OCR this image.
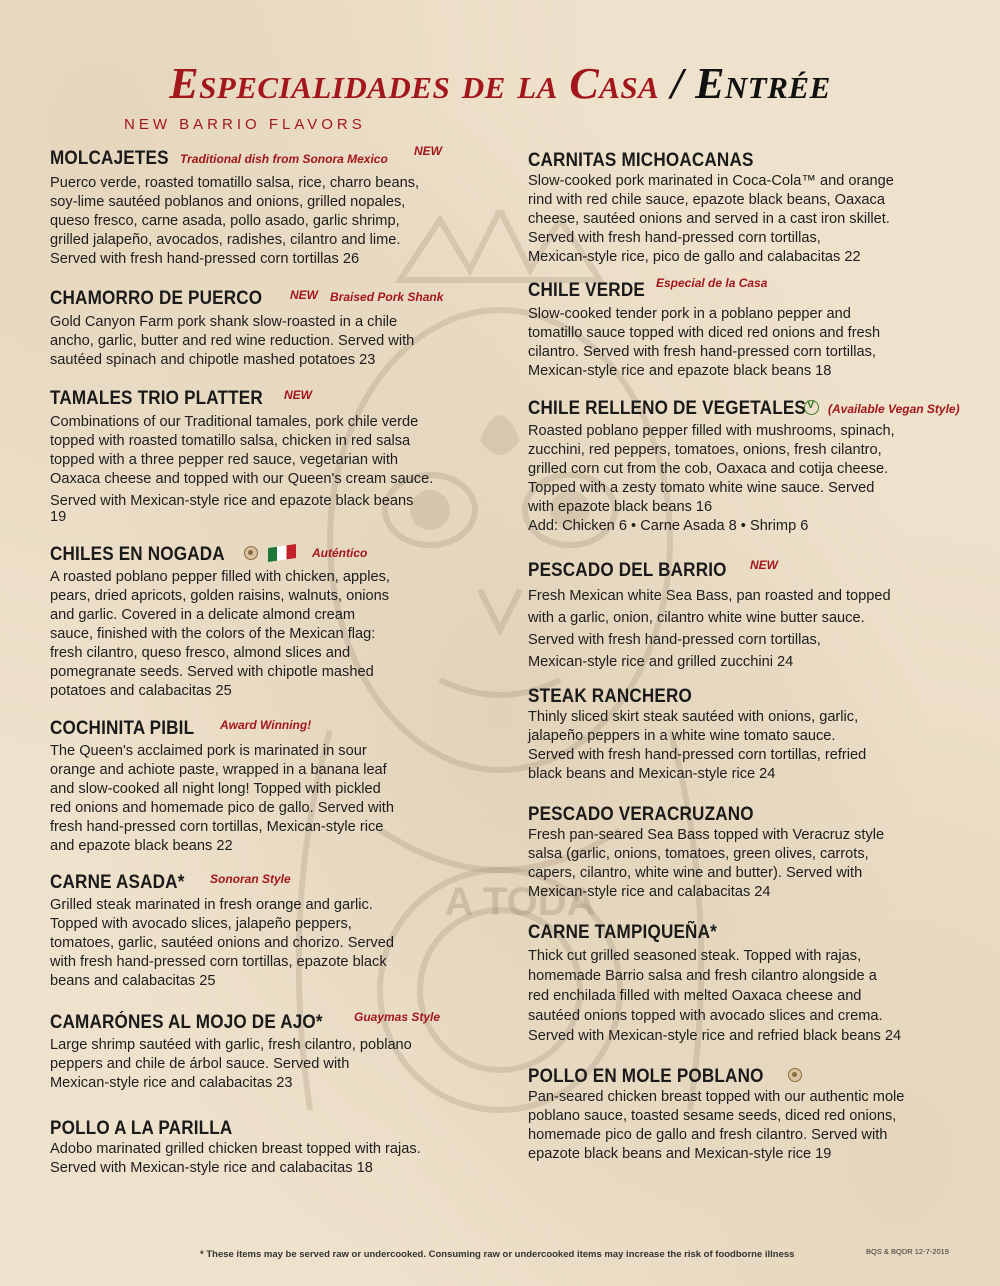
A TODA
Especialidades de la Casa / Entrée
NEW BARRIO FLAVORS
MOLCAJETES Traditional dish from Sonora Mexico
NEW
Puerco verde, roasted tomatillo salsa, rice, charro beans,
soy-lime sautéed poblanos and onions, grilled nopales,
queso fresco, carne asada, pollo asado, garlic shrimp,
grilled jalapeño, avocados, radishes, cilantro and lime.
Served with fresh hand-pressed corn tortillas 26
CHAMORRO DE PUERCO NEW Braised Pork Shank
Gold Canyon Farm pork shank slow-roasted in a chile
ancho, garlic, butter and red wine reduction. Served with
sautéed spinach and chipotle mashed potatoes 23
TAMALES TRIO PLATTER NEW
Combinations of our Traditional tamales, pork chile verde
topped with roasted tomatillo salsa, chicken in red salsa
topped with a three pepper red sauce, vegetarian with
Oaxaca cheese and topped with our Queen's cream sauce.
Served with Mexican-style rice and epazote black beans
19
CHILES EN NOGADA	Auténtico
A roasted poblano pepper filled with chicken, apples,
pears, dried apricots, golden raisins, walnuts, onions
and garlic. Covered in a delicate almond cream
sauce, finished with the colors of the Mexican flag:
fresh cilantro, queso fresco, almond slices and
pomegranate seeds. Served with chipotle mashed
potatoes and calabacitas 25
COCHINITA PIBIL Award Winning!
The Queen's acclaimed pork is marinated in sour
orange and achiote paste, wrapped in a banana leaf
and slow-cooked all night long! Topped with pickled
red onions and homemade pico de gallo. Served with
fresh hand-pressed corn tortillas, Mexican-style rice
and epazote black beans 22
CARNE ASADA* Sonoran Style
Grilled steak marinated in fresh orange and garlic.
Topped with avocado slices, jalapeño peppers,
tomatoes, garlic, sautéed onions and chorizo. Served
with fresh hand-pressed corn tortillas, epazote black
beans and calabacitas 25
CAMARÓNES AL MOJO DE AJO*	Guaymas Style
Large shrimp sautéed with garlic, fresh cilantro, poblano
peppers and chile de árbol sauce. Served with
Mexican-style rice and calabacitas 23
POLLO A LA PARILLA
Adobo marinated grilled chicken breast topped with rajas.
Served with Mexican-style rice and calabacitas 18
CARNITAS MICHOACANAS
Slow-cooked pork marinated in Coca-Cola™ and orange
rind with red chile sauce, epazote black beans, Oaxaca
cheese, sautéed onions and served in a cast iron skillet.
Served with fresh hand-pressed corn tortillas,
Mexican-style rice, pico de gallo and calabacitas 22
CHILE VERDE Especial de la Casa
Slow-cooked tender pork in a poblano pepper and
tomatillo sauce topped with diced red onions and fresh
cilantro. Served with fresh hand-pressed corn tortillas,
Mexican-style rice and epazote black beans 18
CHILE RELLENO DE VEGETALES
V (Available Vegan Style)
Roasted poblano pepper filled with mushrooms, spinach,
zucchini, red peppers, tomatoes, onions, fresh cilantro,
grilled corn cut from the cob, Oaxaca and cotija cheese.
Topped with a zesty tomato white wine sauce. Served
with epazote black beans 16
Add: Chicken 6 • Carne Asada 8 • Shrimp 6
PESCADO DEL BARRIO NEW
Fresh Mexican white Sea Bass, pan roasted and topped
with a garlic, onion, cilantro white wine butter sauce.
Served with fresh hand-pressed corn tortillas,
Mexican-style rice and grilled zucchini 24
STEAK RANCHERO
Thinly sliced skirt steak sautéed with onions, garlic,
jalapeño peppers in a white wine tomato sauce.
Served with fresh hand-pressed corn tortillas, refried
black beans and Mexican-style rice 24
PESCADO VERACRUZANO
Fresh pan-seared Sea Bass topped with Veracruz style
salsa (garlic, onions, tomatoes, green olives, carrots,
capers, cilantro, white wine and butter). Served with
Mexican-style rice and calabacitas 24
CARNE TAMPIQUEÑA*
Thick cut grilled seasoned steak. Topped with rajas,
homemade Barrio salsa and fresh cilantro alongside a
red enchilada filled with melted Oaxaca cheese and
sautéed onions topped with avocado slices and crema.
Served with Mexican-style rice and refried black beans 24
POLLO EN MOLE POBLANO
Pan-seared chicken breast topped with our authentic mole
poblano sauce, toasted sesame seeds, diced red onions,
homemade pico de gallo and fresh cilantro. Served with
epazote black beans and Mexican-style rice 19
* These items may be served raw or undercooked. Consuming raw or undercooked items may increase the risk of foodborne illness	BQS & BQDR 12-7-2019
